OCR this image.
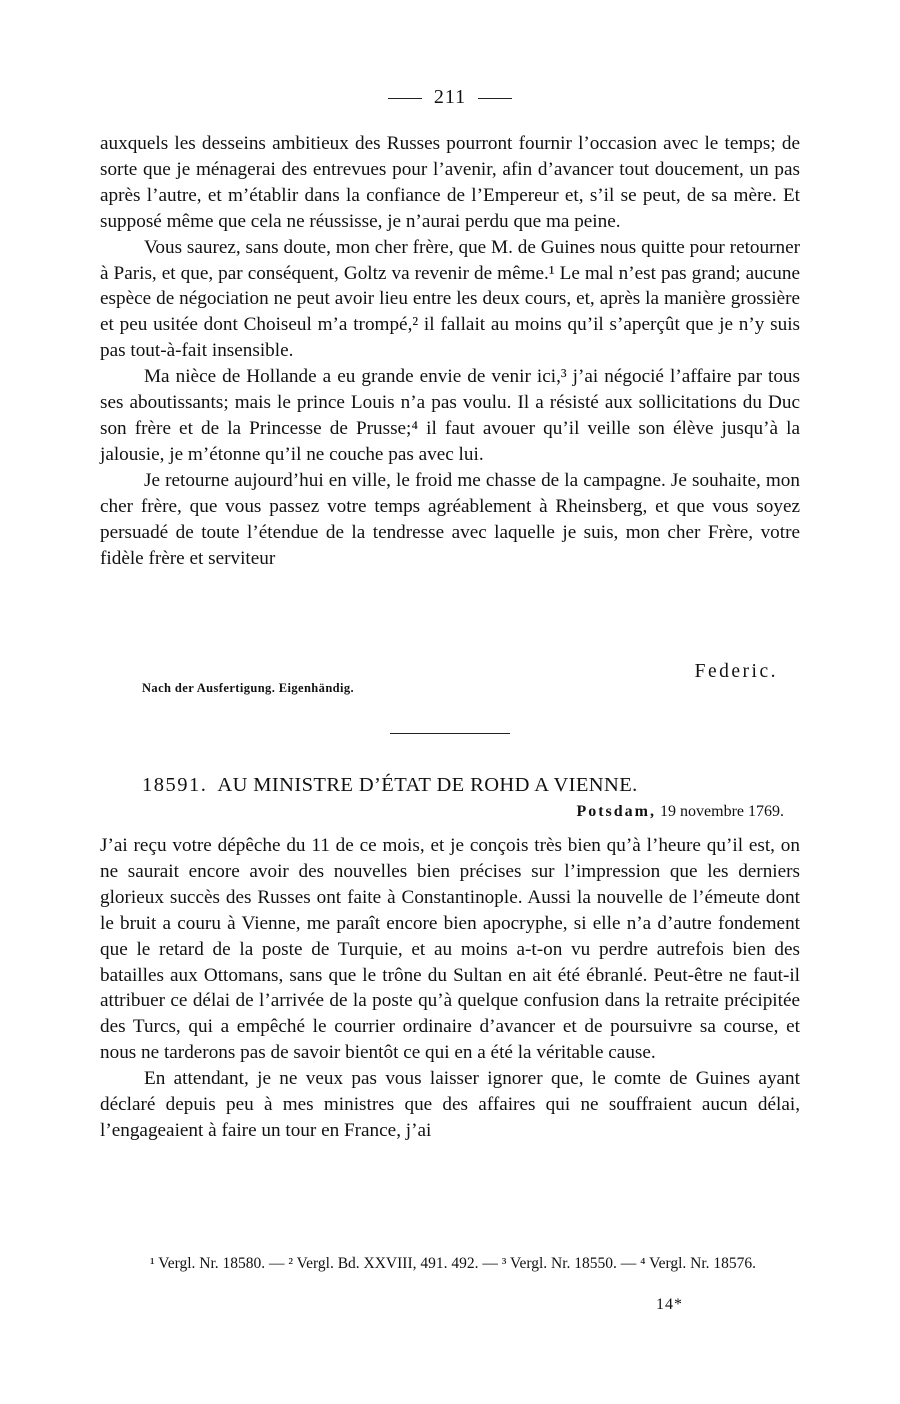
211

auxquels les desseins ambitieux des Russes pourront fournir l’occasion avec le temps; de sorte que je ménagerai des entrevues pour l’avenir, afin d’avancer tout doucement, un pas après l’autre, et m’établir dans la confiance de l’Empereur et, s’il se peut, de sa mère. Et supposé même que cela ne réussisse, je n’aurai perdu que ma peine.

Vous saurez, sans doute, mon cher frère, que M. de Guines nous quitte pour retourner à Paris, et que, par conséquent, Goltz va revenir de même.¹ Le mal n’est pas grand; aucune espèce de négociation ne peut avoir lieu entre les deux cours, et, après la manière grossière et peu usitée dont Choiseul m’a trompé,² il fallait au moins qu’il s’aperçût que je n’y suis pas tout-à-fait insensible.

Ma nièce de Hollande a eu grande envie de venir ici,³ j’ai négocié l’affaire par tous ses aboutissants; mais le prince Louis n’a pas voulu. Il a résisté aux sollicitations du Duc son frère et de la Princesse de Prusse;⁴ il faut avouer qu’il veille son élève jusqu’à la jalousie, je m’étonne qu’il ne couche pas avec lui.

Je retourne aujourd’hui en ville, le froid me chasse de la campagne. Je souhaite, mon cher frère, que vous passez votre temps agréablement à Rheinsberg, et que vous soyez persuadé de toute l’étendue de la tendresse avec laquelle je suis, mon cher Frère, votre fidèle frère et serviteur

Federic.
Nach der Ausfertigung. Eigenhändig.
18591. AU MINISTRE D’ÉTAT DE ROHD A VIENNE.
Potsdam, 19 novembre 1769.

J’ai reçu votre dépêche du 11 de ce mois, et je conçois très bien qu’à l’heure qu’il est, on ne saurait encore avoir des nouvelles bien précises sur l’impression que les derniers glorieux succès des Russes ont faite à Constantinople. Aussi la nouvelle de l’émeute dont le bruit a couru à Vienne, me paraît encore bien apocryphe, si elle n’a d’autre fondement que le retard de la poste de Turquie, et au moins a-t-on vu perdre autrefois bien des batailles aux Ottomans, sans que le trône du Sultan en ait été ébranlé. Peut-être ne faut-il attribuer ce délai de l’arrivée de la poste qu’à quelque confusion dans la retraite précipitée des Turcs, qui a empêché le courrier ordinaire d’avancer et de poursuivre sa course, et nous ne tarderons pas de savoir bientôt ce qui en a été la véritable cause.

En attendant, je ne veux pas vous laisser ignorer que, le comte de Guines ayant déclaré depuis peu à mes ministres que des affaires qui ne souffraient aucun délai, l’engageaient à faire un tour en France, j’ai

¹ Vergl. Nr. 18580. — ² Vergl. Bd. XXVIII, 491. 492. — ³ Vergl. Nr. 18550. — ⁴ Vergl. Nr. 18576.

14*
